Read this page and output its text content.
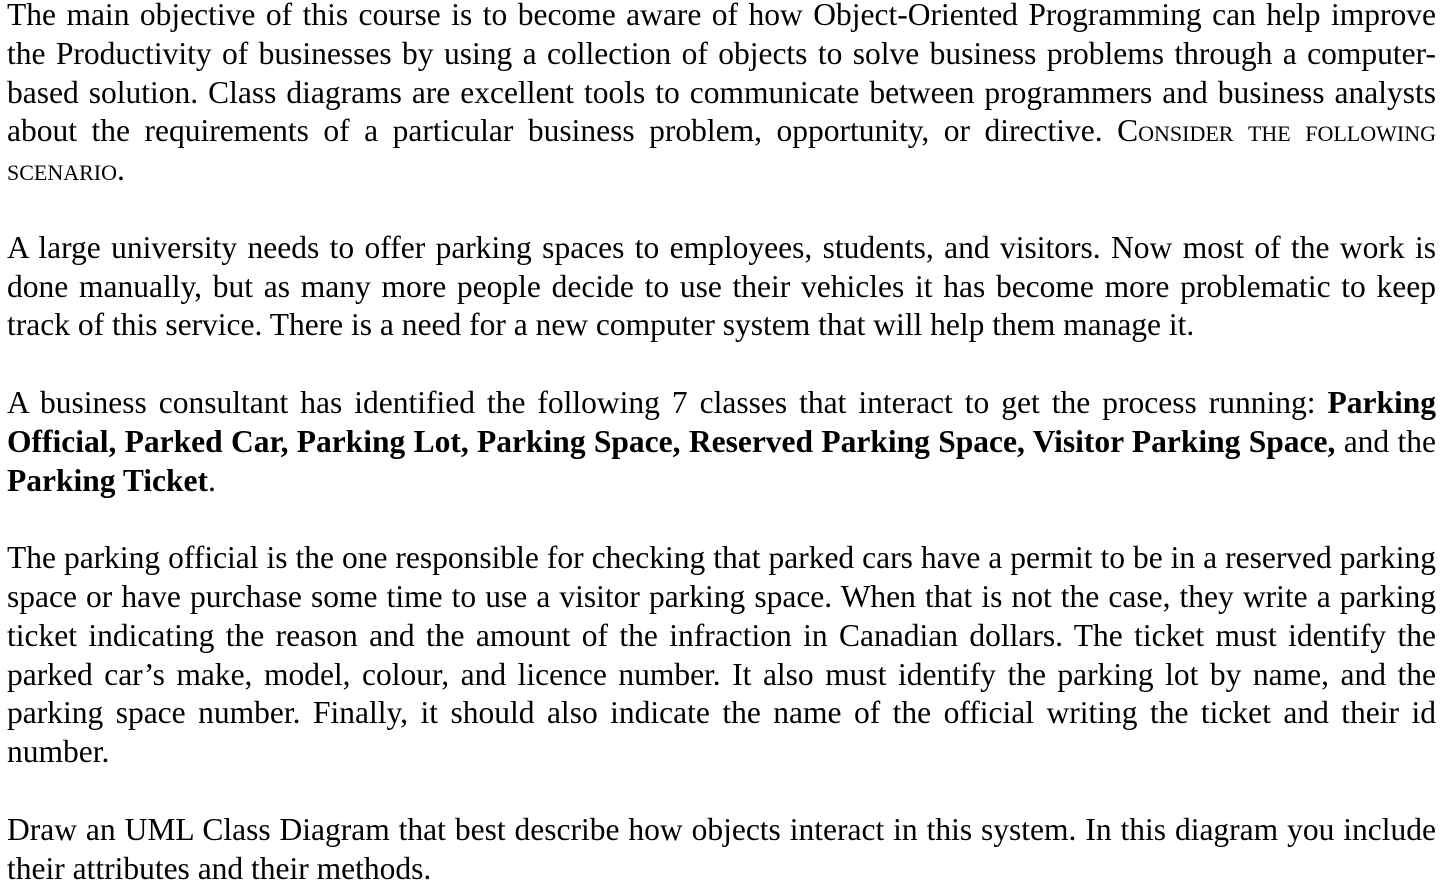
The main objective of this course is to become aware of how Object-Oriented Programming can help improve the Productivity of businesses by using a collection of objects to solve business problems through a computer-based solution. Class diagrams are excellent tools to communicate between programmers and business analysts about the requirements of a particular business problem, opportunity, or directive. Consider the following scenario.

A large university needs to offer parking spaces to employees, students, and visitors. Now most of the work is done manually, but as many more people decide to use their vehicles it has become more problematic to keep track of this service. There is a need for a new computer system that will help them manage it.

A business consultant has identified the following 7 classes that interact to get the process running: Parking Official, Parked Car, Parking Lot, Parking Space, Reserved Parking Space, Visitor Parking Space, and the Parking Ticket.

The parking official is the one responsible for checking that parked cars have a permit to be in a reserved parking space or have purchase some time to use a visitor parking space. When that is not the case, they write a parking ticket indicating the reason and the amount of the infraction in Canadian dollars. The ticket must identify the parked car’s make, model, colour, and licence number. It also must identify the parking lot by name, and the parking space number. Finally, it should also indicate the name of the official writing the ticket and their id number.

Draw an UML Class Diagram that best describe how objects interact in this system. In this diagram you include their attributes and their methods.
